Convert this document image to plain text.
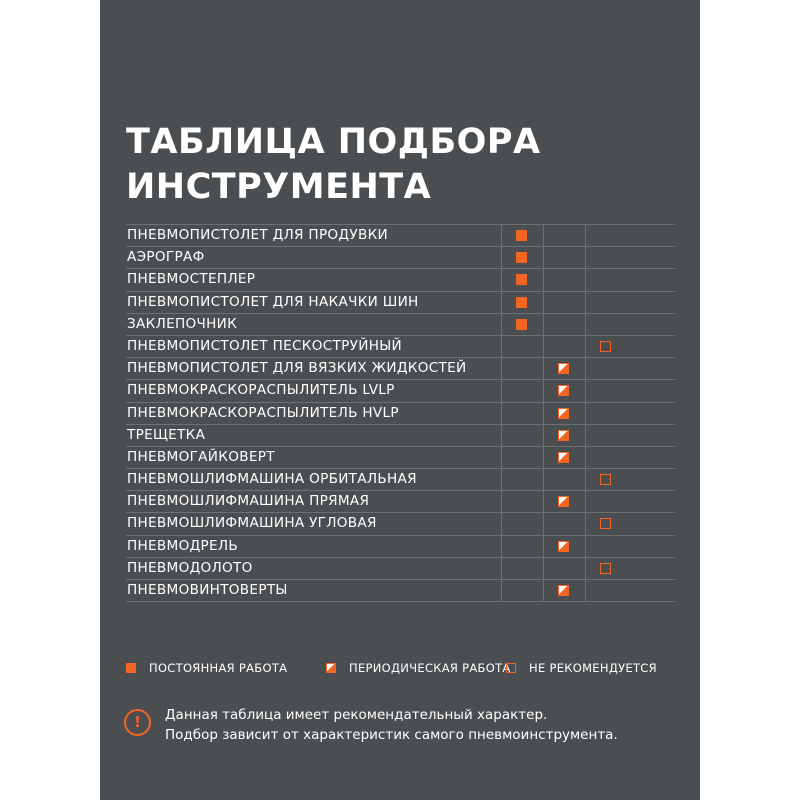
ТАБЛИЦА ПОДБОРА
ИНСТРУМЕНТА
ПНЕВМОПИСТОЛЕТ ДЛЯ ПРОДУВКИ
АЭРОГРАФ
ПНЕВМОСТЕПЛЕР
ПНЕВМОПИСТОЛЕТ ДЛЯ НАКАЧКИ ШИН
ЗАКЛЕПОЧНИК
ПНЕВМОПИСТОЛЕТ ПЕСКОСТРУЙНЫЙ
ПНЕВМОПИСТОЛЕТ ДЛЯ ВЯЗКИХ ЖИДКОСТЕЙ
ПНЕВМОКРАСКОРАСПЫЛИТЕЛЬ LVLP
ПНЕВМОКРАСКОРАСПЫЛИТЕЛЬ HVLP
ТРЕЩЕТКА
ПНЕВМОГАЙКОВЕРТ
ПНЕВМОШЛИФМАШИНА ОРБИТАЛЬНАЯ
ПНЕВМОШЛИФМАШИНА ПРЯМАЯ
ПНЕВМОШЛИФМАШИНА УГЛОВАЯ
ПНЕВМОДРЕЛЬ
ПНЕВМОДОЛОТО
ПНЕВМОВИНТОВЕРТЫ
ПОСТОЯННАЯ РАБОТА	ПЕРИОДИЧЕСКАЯ РАБОТА НЕ РЕКОМЕНДУЕТСЯ
!	Данная таблица имеет рекомендательный характер.
Подбор зависит от характеристик самого пневмоинструмента.
